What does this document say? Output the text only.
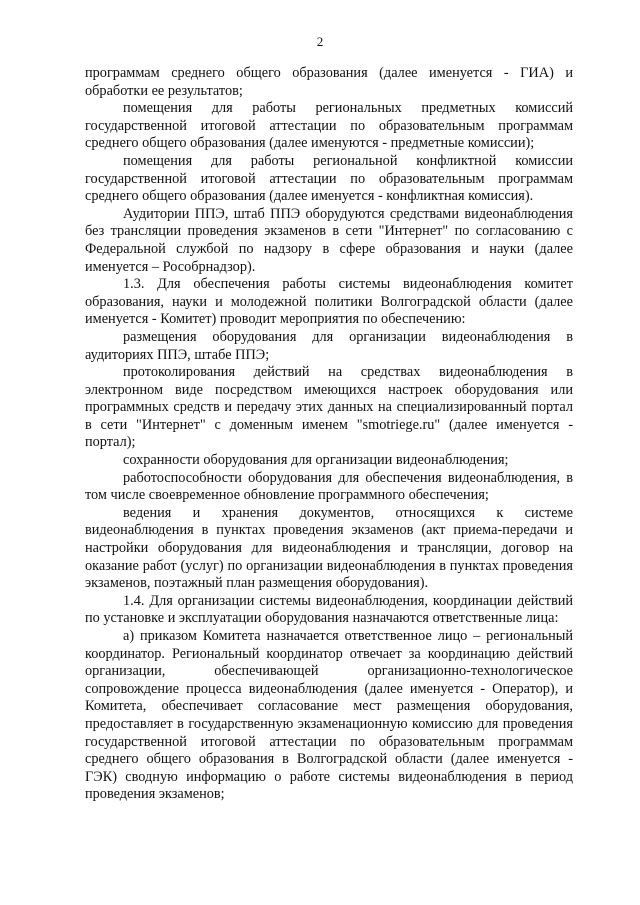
2

программам среднего общего образования (далее именуется - ГИА) и обработки ее результатов;

помещения для работы региональных предметных комиссий государственной итоговой аттестации по образовательным программам среднего общего образования (далее именуются - предметные комиссии);

помещения для работы региональной конфликтной комиссии государственной итоговой аттестации по образовательным программам среднего общего образования (далее именуется - конфликтная комиссия).

Аудитории ППЭ, штаб ППЭ оборудуются средствами видеонаблюдения без трансляции проведения экзаменов в сети "Интернет" по согласованию с Федеральной службой по надзору в сфере образования и науки (далее именуется – Рособрнадзор).

1.3. Для обеспечения работы системы видеонаблюдения комитет образования, науки и молодежной политики Волгоградской области (далее именуется - Комитет) проводит мероприятия по обеспечению:

размещения оборудования для организации видеонаблюдения в аудиториях ППЭ, штабе ППЭ;

протоколирования действий на средствах видеонаблюдения в электронном виде посредством имеющихся настроек оборудования или программных средств и передачу этих данных на специализированный портал в сети "Интернет" с доменным именем "smotriege.ru" (далее именуется - портал);

сохранности оборудования для организации видеонаблюдения;

работоспособности оборудования для обеспечения видеонаблюдения, в том числе своевременное обновление программного обеспечения;

ведения и хранения документов, относящихся к системе видеонаблюдения в пунктах проведения экзаменов (акт приема-передачи и настройки оборудования для видеонаблюдения и трансляции, договор на оказание работ (услуг) по организации видеонаблюдения в пунктах проведения экзаменов, поэтажный план размещения оборудования).

1.4. Для организации системы видеонаблюдения, координации действий по установке и эксплуатации оборудования назначаются ответственные лица:

а) приказом Комитета назначается ответственное лицо – региональный координатор. Региональный координатор отвечает за координацию действий организации, обеспечивающей организационно-технологическое сопровождение процесса видеонаблюдения (далее именуется - Оператор), и Комитета, обеспечивает согласование мест размещения оборудования, предоставляет в государственную экзаменационную комиссию для проведения государственной итоговой аттестации по образовательным программам среднего общего образования в Волгоградской области (далее именуется - ГЭК) сводную информацию о работе системы видеонаблюдения в период проведения экзаменов;
